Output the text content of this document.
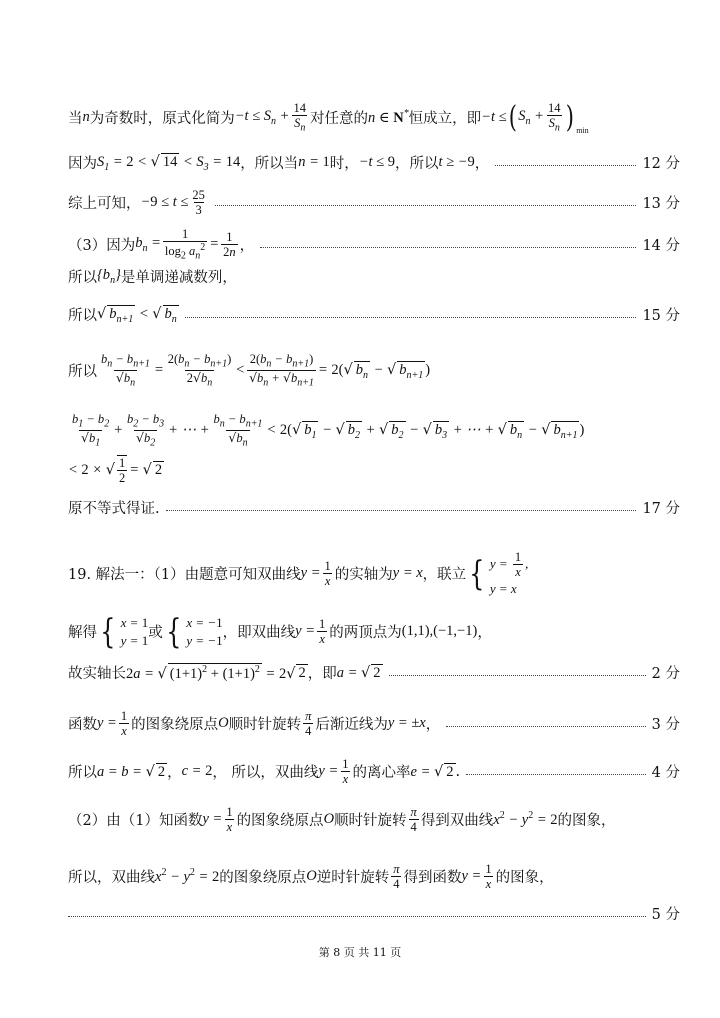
当 n 为奇数时，原式化简为 $-t \le S_n + \frac{14}{S_n}$ 对任意的 n ∈ N* 恒成立，即 −t ≤ ( $S_n + \frac{14}{S_n} )_{min}$
因为 $S_1 = 2$ < √ $14 < S_3 = 14$ ，所以当 n = 1 时， −t ≤ 9 ，所以 t ≥ −9 ，	12 分
综上可知， $-9 \le t \le \frac{25}{3}$	13 分
（3）因为 $b_n = \frac{1}{\log_2 a_n^2} = \frac{1}{2n}$ ，	14 分
所以 $\{b_n\}$ 是单调递减数列，
所以 √ $b_{n+1}$ < √ $b_n$	15 分
所以 $\frac{b_n - b_{n+1}}{√b_n} = \frac{2(b_n - b_{n+1})}{2√b_n} < \frac{2(b_n - b_{n+1})}{√b_n + √b_{n+1}} = 2(√$ $b_n$ − √ $b_{n+1}$ )
$\frac{b_1 - b_2}{√b_1} + \frac{b_2 - b_3}{√b_2}$ + ⋯ + $\frac{b_n - b_{n+1}}{√b_n} < 2(√$ $b_1$ − √ $b_2$ + √ $b_2$ − √ $b_3$ + ⋯ + √ $b_n$ − √ $b_{n+1}$ )
< 2 × √ $\frac{1}{2}$ = √ 2
原不等式得证.	17 分
19. 解法一：（1）由题意可知双曲线 $y = \frac{1}{x}$ 的实轴为 y = x ，联立 { $y = \frac{1}{x}$ ,
y = x
解得 { x = 1
y = 1 或 { x = −1
y = −1 ，即双曲线 $y = \frac{1}{x}$ 的两顶点为 (1,1),(−1,−1) ，
故实轴长 2a = √ $(1+1)^2 + (1+1)^2 = 2√$ 2 ，即 a = √ 2	2 分
函数 $y = \frac{1}{x}$ 的图象绕原点 O 顺时针旋转 $\frac{\pi}{4}$ 后渐近线为 y = ±x ，	3 分
所以 a = b = √ 2 ， c = 2 ， 所以，双曲线 $y = \frac{1}{x}$ 的离心率 e = √ 2 .	4 分
（2）由（1）知函数 $y = \frac{1}{x}$ 的图象绕原点 O 顺时针旋转 $\frac{\pi}{4}$ 得到双曲线 $x^2 - y^2 = 2$ 的图象，
所以，双曲线 $x^2 - y^2 = 2$ 的图象绕原点 O 逆时针旋转 $\frac{\pi}{4}$ 得到函数 $y = \frac{1}{x}$ 的图象，
5 分
第 8 页 共 11 页
